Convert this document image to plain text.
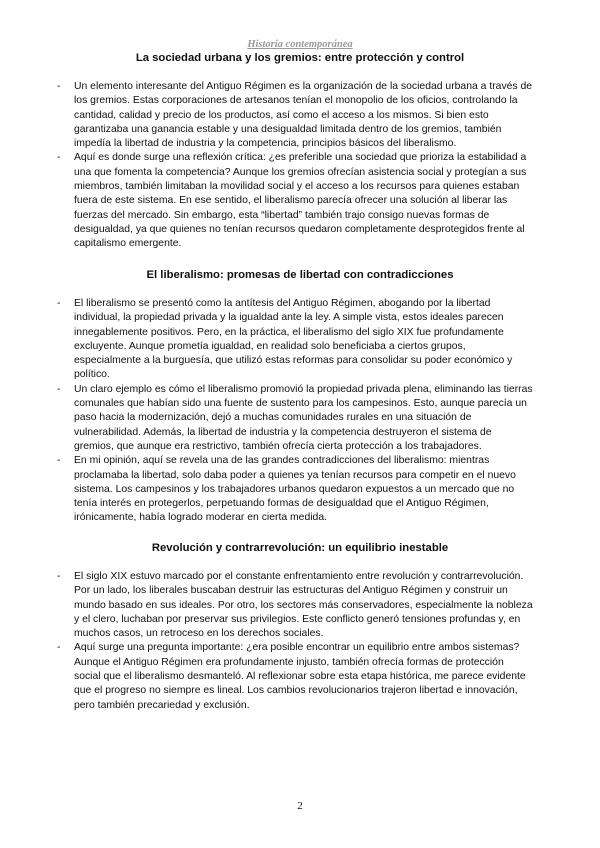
Historia contemporánea
La sociedad urbana y los gremios: entre protección y control
- Un elemento interesante del Antiguo Régimen es la organización de la sociedad urbana a través de los gremios. Estas corporaciones de artesanos tenían el monopolio de los oficios, controlando la cantidad, calidad y precio de los productos, así como el acceso a los mismos. Si bien esto garantizaba una ganancia estable y una desigualdad limitada dentro de los gremios, también impedía la libertad de industria y la competencia, principios básicos del liberalismo.
- Aquí es donde surge una reflexión crítica: ¿es preferible una sociedad que prioriza la estabilidad a una que fomenta la competencia? Aunque los gremios ofrecían asistencia social y protegían a sus miembros, también limitaban la movilidad social y el acceso a los recursos para quienes estaban fuera de este sistema. En ese sentido, el liberalismo parecía ofrecer una solución al liberar las fuerzas del mercado. Sin embargo, esta “libertad” también trajo consigo nuevas formas de desigualdad, ya que quienes no tenían recursos quedaron completamente desprotegidos frente al capitalismo emergente.
El liberalismo: promesas de libertad con contradicciones
- El liberalismo se presentó como la antítesis del Antiguo Régimen, abogando por la libertad individual, la propiedad privada y la igualdad ante la ley. A simple vista, estos ideales parecen innegablemente positivos. Pero, en la práctica, el liberalismo del siglo XIX fue profundamente excluyente. Aunque prometía igualdad, en realidad solo beneficiaba a ciertos grupos, especialmente a la burguesía, que utilizó estas reformas para consolidar su poder económico y político.
- Un claro ejemplo es cómo el liberalismo promovió la propiedad privada plena, eliminando las tierras comunales que habían sido una fuente de sustento para los campesinos. Esto, aunque parecía un paso hacia la modernización, dejó a muchas comunidades rurales en una situación de vulnerabilidad. Además, la libertad de industria y la competencia destruyeron el sistema de gremios, que aunque era restrictivo, también ofrecía cierta protección a los trabajadores.
- En mi opinión, aquí se revela una de las grandes contradicciones del liberalismo: mientras proclamaba la libertad, solo daba poder a quienes ya tenían recursos para competir en el nuevo sistema. Los campesinos y los trabajadores urbanos quedaron expuestos a un mercado que no tenía interés en protegerlos, perpetuando formas de desigualdad que el Antiguo Régimen, irónicamente, había logrado moderar en cierta medida.
Revolución y contrarrevolución: un equilibrio inestable
- El siglo XIX estuvo marcado por el constante enfrentamiento entre revolución y contrarrevolución. Por un lado, los liberales buscaban destruir las estructuras del Antiguo Régimen y construir un mundo basado en sus ideales. Por otro, los sectores más conservadores, especialmente la nobleza y el clero, luchaban por preservar sus privilegios. Este conflicto generó tensiones profundas y, en muchos casos, un retroceso en los derechos sociales.
- Aquí surge una pregunta importante: ¿era posible encontrar un equilibrio entre ambos sistemas? Aunque el Antiguo Régimen era profundamente injusto, también ofrecía formas de protección social que el liberalismo desmanteló. Al reflexionar sobre esta etapa histórica, me parece evidente que el progreso no siempre es lineal. Los cambios revolucionarios trajeron libertad e innovación, pero también precariedad y exclusión.
2
